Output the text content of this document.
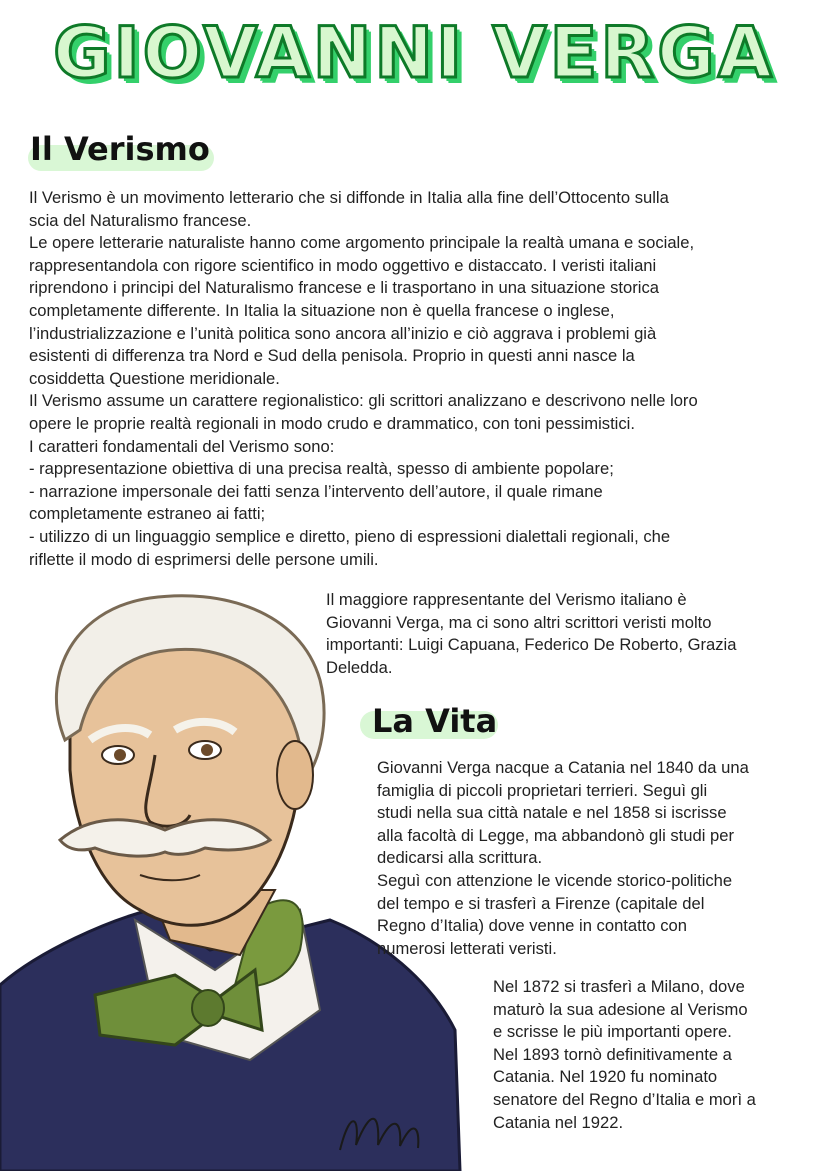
GIOVANNI VERGA
Il Verismo
Il Verismo è un movimento letterario che si diffonde in Italia alla fine dell’Ottocento sulla
scia del Naturalismo francese.
Le opere letterarie naturaliste hanno come argomento principale la realtà umana e sociale,
rappresentandola con rigore scientifico in modo oggettivo e distaccato. I veristi italiani
riprendono i principi del Naturalismo francese e li trasportano in una situazione storica
completamente differente. In Italia la situazione non è quella francese o inglese,
l’industrializzazione e l’unità politica sono ancora all’inizio e ciò aggrava i problemi già
esistenti di differenza tra Nord e Sud della penisola. Proprio in questi anni nasce la
cosiddetta Questione meridionale.
Il Verismo assume un carattere regionalistico: gli scrittori analizzano e descrivono nelle loro
opere le proprie realtà regionali in modo crudo e drammatico, con toni pessimistici.
I caratteri fondamentali del Verismo sono:
- rappresentazione obiettiva di una precisa realtà, spesso di ambiente popolare;
- narrazione impersonale dei fatti senza l’intervento dell’autore, il quale rimane
completamente estraneo ai fatti;
- utilizzo di un linguaggio semplice e diretto, pieno di espressioni dialettali regionali, che
riflette il modo di esprimersi delle persone umili.
Il maggiore rappresentante del Verismo italiano è
Giovanni Verga, ma ci sono altri scrittori veristi molto
importanti: Luigi Capuana, Federico De Roberto, Grazia
Deledda.
La Vita
Giovanni Verga nacque a Catania nel 1840 da una
famiglia di piccoli proprietari terrieri. Seguì gli
studi nella sua città natale e nel 1858 si iscrisse
alla facoltà di Legge, ma abbandonò gli studi per
dedicarsi alla scrittura.
Seguì con attenzione le vicende storico-politiche
del tempo e si trasferì a Firenze (capitale del
Regno d’Italia) dove venne in contatto con
numerosi letterati veristi.
Nel 1872 si trasferì a Milano, dove
maturò la sua adesione al Verismo
e scrisse le più importanti opere.
Nel 1893 tornò definitivamente a
Catania. Nel 1920 fu nominato
senatore del Regno d’Italia e morì a
Catania nel 1922.
